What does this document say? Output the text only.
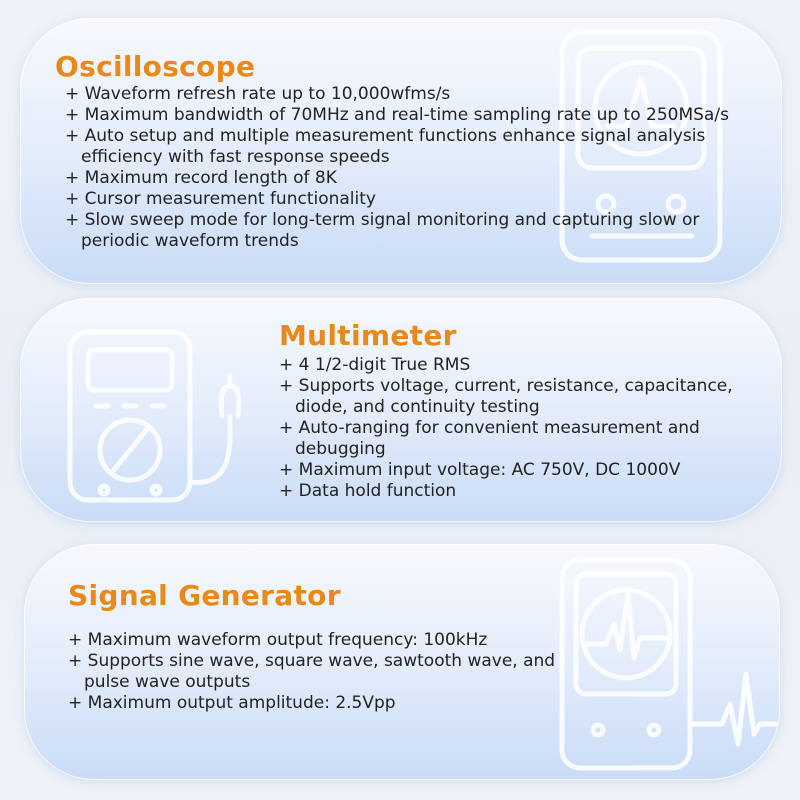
Oscilloscope
+ Waveform refresh rate up to 10,000wfms/s
+ Maximum bandwidth of 70MHz and real-time sampling rate up to 250MSa/s
+ Auto setup and multiple measurement functions enhance signal analysis efficiency with fast response speeds
+ Maximum record length of 8K
+ Cursor measurement functionality
+ Slow sweep mode for long-term signal monitoring and capturing slow or periodic waveform trends
Multimeter
+ 4 1/2-digit True RMS
+ Supports voltage, current, resistance, capacitance, diode, and continuity testing
+ Auto-ranging for convenient measurement and debugging
+ Maximum input voltage: AC 750V, DC 1000V
+ Data hold function
Signal Generator
+ Maximum waveform output frequency: 100kHz
+ Supports sine wave, square wave, sawtooth wave, and pulse wave outputs
+ Maximum output amplitude: 2.5Vpp
